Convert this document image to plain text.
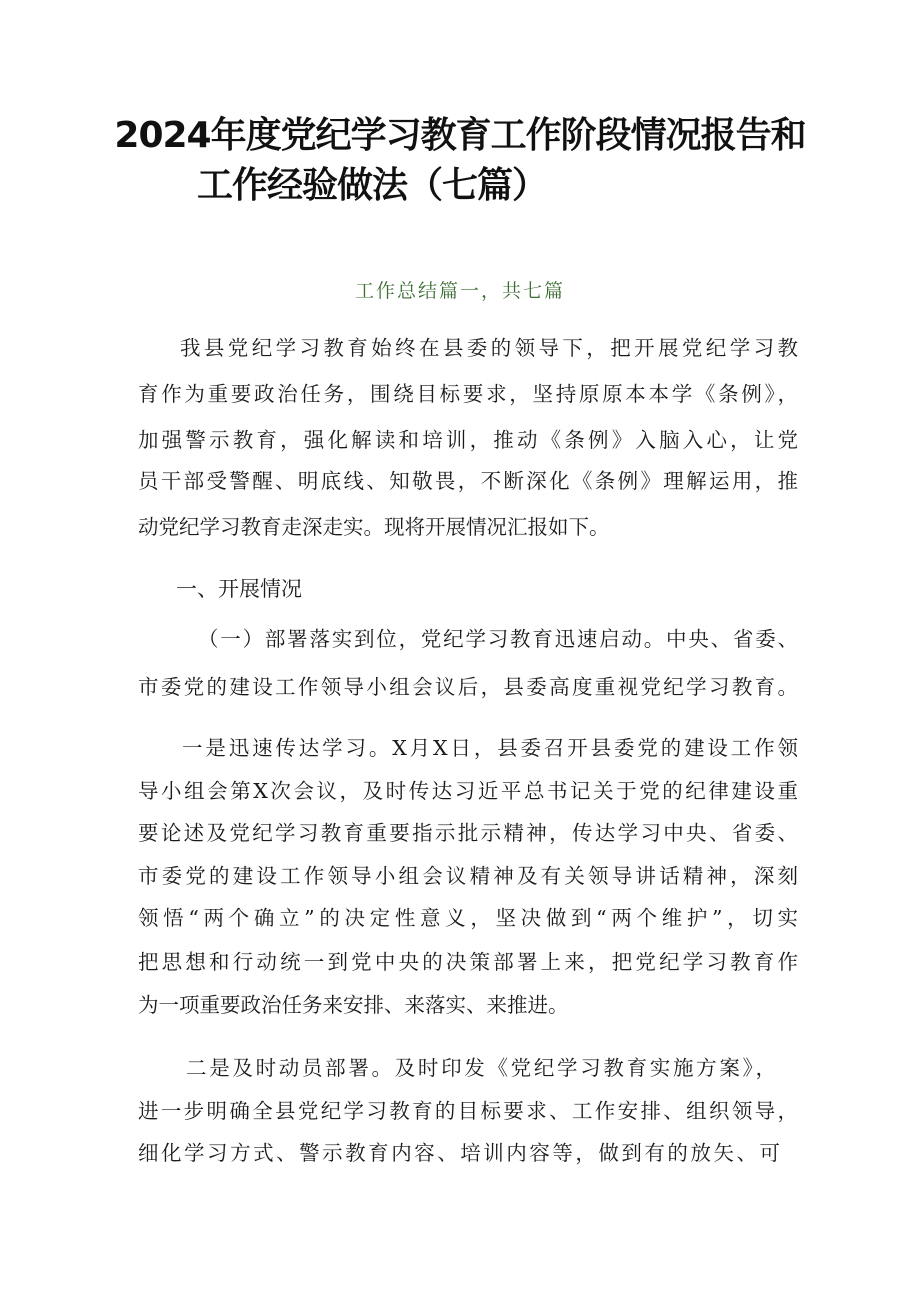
2024年度党纪学习教育工作阶段情况报告和
工作经验做法（七篇）

工作总结篇一，共七篇

我县党纪学习教育始终在县委的领导下，把开展党纪学习教

育作为重要政治任务，围绕目标要求，坚持原原本本学《条例》，

加强警示教育，强化解读和培训，推动《条例》入脑入心，让党

员干部受警醒、明底线、知敬畏，不断深化《条例》理解运用，推

动党纪学习教育走深走实。现将开展情况汇报如下。

一、开展情况

（一）部署落实到位，党纪学习教育迅速启动。中央、省委、

市委党的建设工作领导小组会议后，县委高度重视党纪学习教育。

一是迅速传达学习。X月X日，县委召开县委党的建设工作领

导小组会第X次会议，及时传达习近平总书记关于党的纪律建设重

要论述及党纪学习教育重要指示批示精神，传达学习中央、省委、

市委党的建设工作领导小组会议精神及有关领导讲话精神，深刻

领悟“两个确立”的决定性意义，坚决做到“两个维护”，切实

把思想和行动统一到党中央的决策部署上来，把党纪学习教育作

为一项重要政治任务来安排、来落实、来推进。

二是及时动员部署。及时印发《党纪学习教育实施方案》，

进一步明确全县党纪学习教育的目标要求、工作安排、组织领导，

细化学习方式、警示教育内容、培训内容等，做到有的放矢、可
